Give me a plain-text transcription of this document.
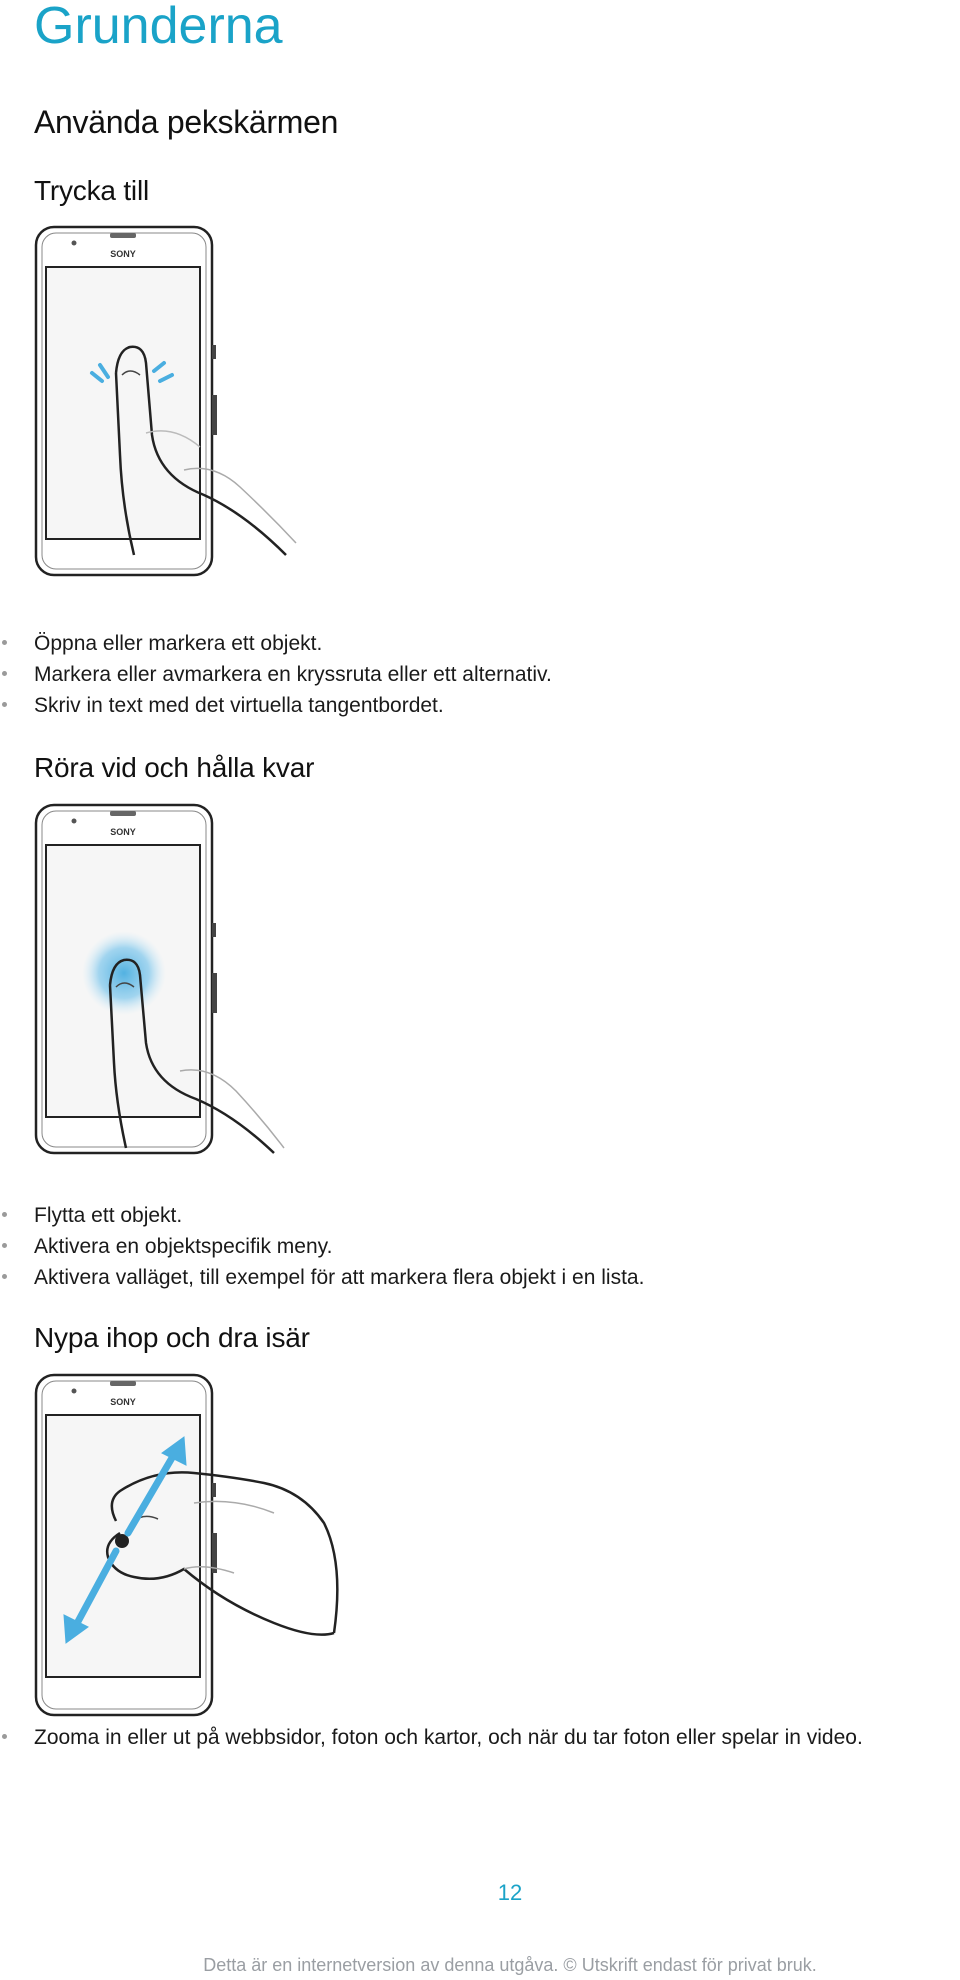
Grunderna
Använda pekskärmen
Trycka till
SONY
Öppna eller markera ett objekt.
Markera eller avmarkera en kryssruta eller ett alternativ.
Skriv in text med det virtuella tangentbordet.
Röra vid och hålla kvar
SONY
Flytta ett objekt.
Aktivera en objektspecifik meny.
Aktivera valläget, till exempel för att markera flera objekt i en lista.
Nypa ihop och dra isär
SONY
Zooma in eller ut på webbsidor, foton och kartor, och när du tar foton eller spelar in video.
12
Detta är en internetversion av denna utgåva. © Utskrift endast för privat bruk.
